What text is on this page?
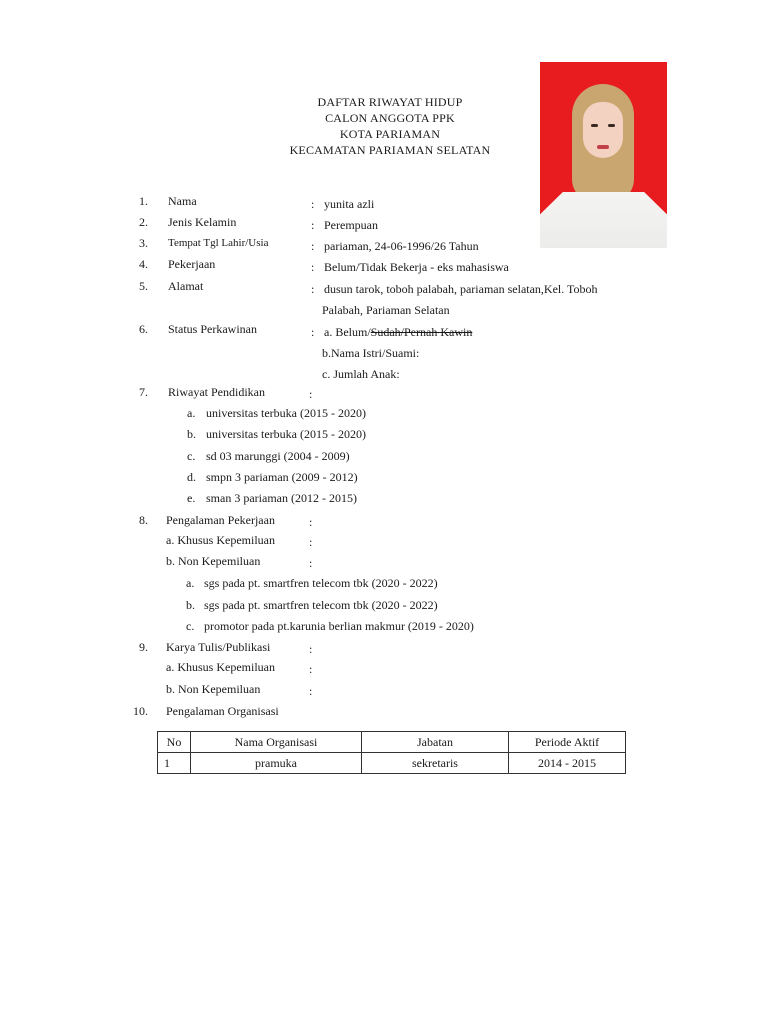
DAFTAR RIWAYAT HIDUP
CALON ANGGOTA PPK
KOTA PARIAMAN
KECAMATAN PARIAMAN SELATAN
1. Nama	: yunita azli
2. Jenis Kelamin	: Perempuan
3. Tempat Tgl Lahir/Usia	: pariaman, 24-06-1996/26 Tahun
4. Pekerjaan	: Belum/Tidak Bekerja - eks mahasiswa
5. Alamat	: dusun tarok, toboh palabah, pariaman selatan,Kel. Toboh
Palabah, Pariaman Selatan
6. Status Perkawinan	: a. Belum/Sudah/Pernah Kawin
b.Nama Istri/Suami:
c. Jumlah Anak:
7. Riwayat Pendidikan	:
a. universitas terbuka (2015 - 2020)
b. universitas terbuka (2015 - 2020)
c. sd 03 marunggi (2004 - 2009)
d. smpn 3 pariaman (2009 - 2012)
e. sman 3 pariaman (2012 - 2015)
8. Pengalaman Pekerjaan	:
a. Khusus Kepemiluan	:
b. Non Kepemiluan	:
a. sgs pada pt. smartfren telecom tbk (2020 - 2022)
b. sgs pada pt. smartfren telecom tbk (2020 - 2022)
c. promotor pada pt.karunia berlian makmur (2019 - 2020)
9. Karya Tulis/Publikasi	:
a. Khusus Kepemiluan	:
b. Non Kepemiluan	:
10. Pengalaman Organisasi
No	Nama Organisasi	Jabatan	Periode Aktif
1	pramuka	sekretaris	2014 - 2015
